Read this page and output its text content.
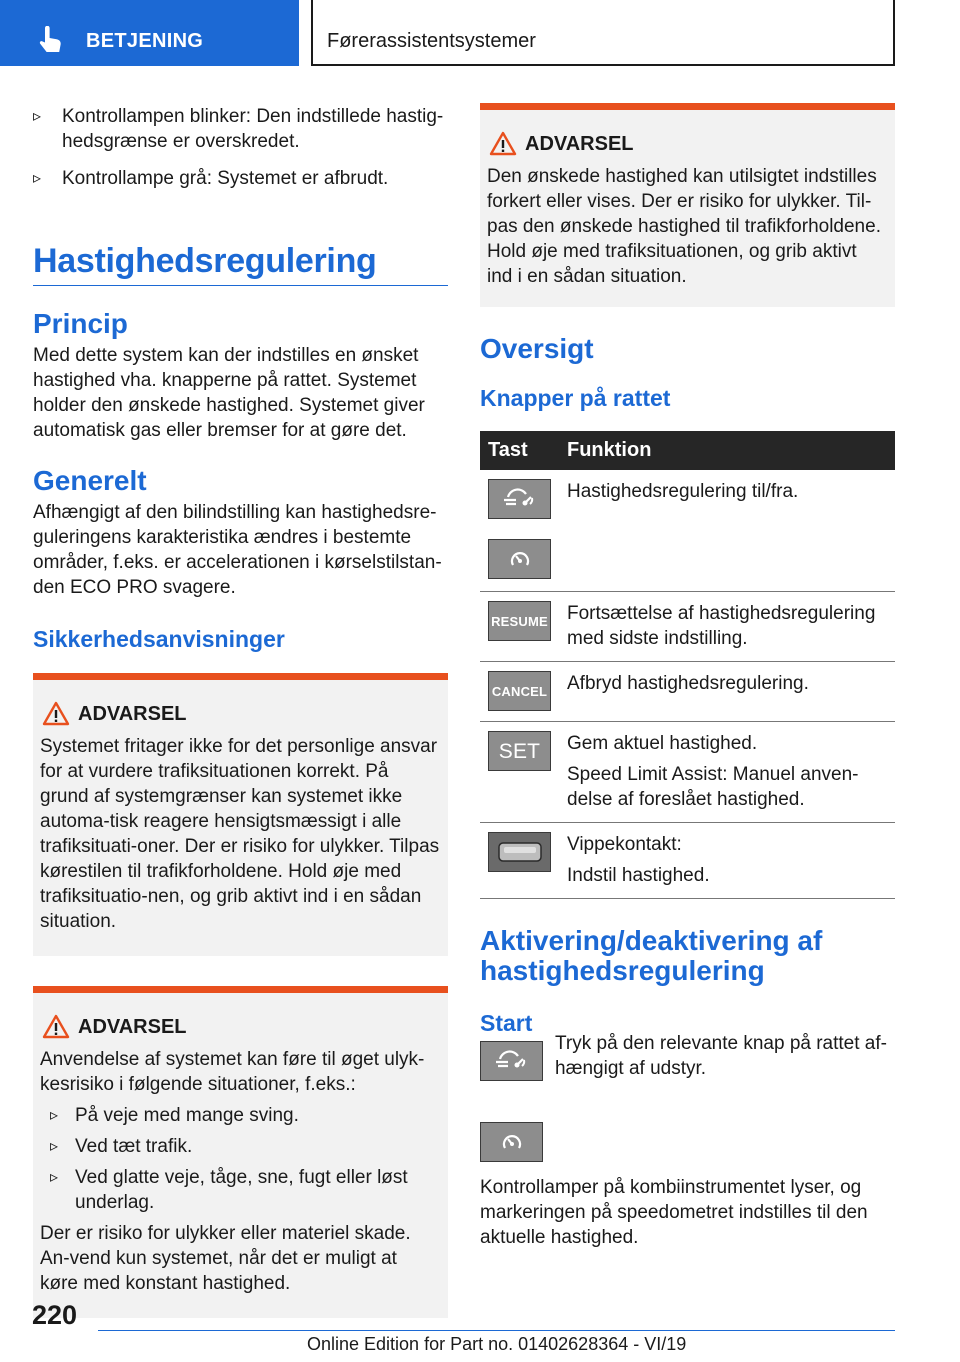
BETJENING	Førerassistentsystemer
▹ Kontrollampen blinker: Den indstillede hastig‐hedsgrænse er overskredet.
▹ Kontrollampe grå: Systemet er afbrudt.
Hastighedsregulering
Princip

Med dette system kan der indstilles en ønsket hastighed vha. knapperne på rattet. Systemet holder den ønskede hastighed. Systemet giver automatisk gas eller bremser for at gøre det.

Generelt

Afhængigt af den bilindstilling kan hastighedsre‐guleringens karakteristika ændres i bestemte områder, f.eks. er accelerationen i kørselstilstan‐den ECO PRO svagere.

Sikkerhedsanvisninger
ADVARSEL

Systemet fritager ikke for det personlige ansvar for at vurdere trafiksituationen korrekt. På grund af systemgrænser kan systemet ikke automa‐tisk reagere hensigtsmæssigt i alle trafiksituati‐oner. Der er risiko for ulykker. Tilpas kørestilen til trafikforholdene. Hold øje med trafiksituatio‐nen, og grib aktivt ind i en sådan situation.

ADVARSEL

Anvendelse af systemet kan føre til øget ulyk‐kesrisiko i følgende situationer, f.eks.:

▹ På veje med mange sving.
▹ Ved tæt trafik.
▹ Ved glatte veje, tåge, sne, fugt eller løst underlag.

Der er risiko for ulykker eller materiel skade. An‐vend kun systemet, når det er muligt at køre med konstant hastighed.

ADVARSEL

Den ønskede hastighed kan utilsigtet indstilles forkert eller vises. Der er risiko for ulykker. Til‐pas den ønskede hastighed til trafikforholdene. Hold øje med trafiksituationen, og grib aktivt ind i en sådan situation.

Oversigt
Knapper på rattet
Tast	Funktion

Hastighedsregulering til/fra.

RESUME	Fortsættelse af hastighedsregulering med sidste indstilling.

CANCEL	Afbryd hastighedsregulering.

SET	Gem aktuel hastighed.

Speed Limit Assist: Manuel anven‐delse af foreslået hastighed.

Vippekontakt:

Indstil hastighed.

Aktivering/deaktivering af hastighedsregulering
Start

Tryk på den relevante knap på rattet af‐hængigt af udstyr.

Kontrollamper på kombiinstrumentet lyser, og markeringen på speedometret indstilles til den aktuelle hastighed.

220
Online Edition for Part no. 01402628364 - VI/19
